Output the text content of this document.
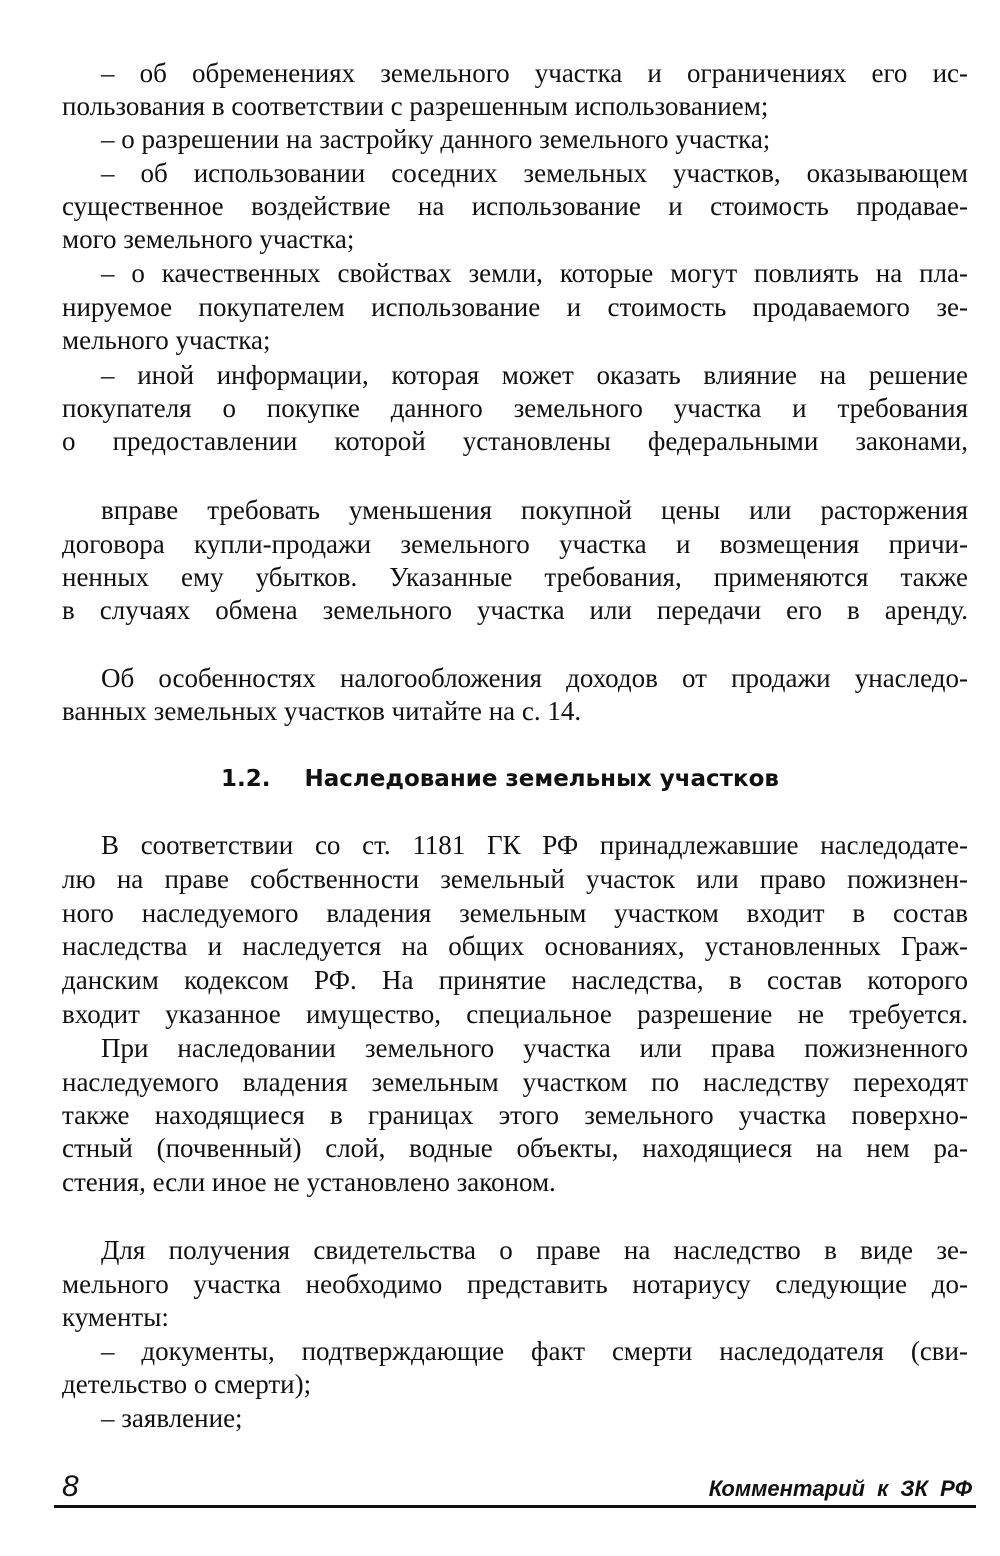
– об обременениях земельного участка и ограничениях его ис-
пользования в соответствии с разрешенным использованием;
– о разрешении на застройку данного земельного участка;
– об использовании соседних земельных участков, оказывающем
существенное воздействие на использование и стоимость продавае-
мого земельного участка;
– о качественных свойствах земли, которые могут повлиять на пла-
нируемое покупателем использование и стоимость продаваемого зе-
мельного участка;
– иной информации, которая может оказать влияние на решение
покупателя о покупке данного земельного участка и требования
о предоставлении которой установлены федеральными законами,
вправе требовать уменьшения покупной цены или расторжения
договора купли-продажи земельного участка и возмещения причи-
ненных ему убытков. Указанные требования, применяются также
в случаях обмена земельного участка или передачи его в аренду.
Об особенностях налогообложения доходов от продажи унаследо-
ванных земельных участков читайте на с. 14.
В соответствии со ст. 1181 ГК РФ принадлежавшие наследодате-
лю на праве собственности земельный участок или право пожизнен-
ного наследуемого владения земельным участком входит в состав
наследства и наследуется на общих основаниях, установленных Граж-
данским кодексом РФ. На принятие наследства, в состав которого
входит указанное имущество, специальное разрешение не требуется.
При наследовании земельного участка или права пожизненного
наследуемого владения земельным участком по наследству переходят
также находящиеся в границах этого земельного участка поверхно-
стный (почвенный) слой, водные объекты, находящиеся на нем ра-
стения, если иное не установлено законом.
Для получения свидетельства о праве на наследство в виде зе-
мельного участка необходимо представить нотариусу следующие до-
кументы:
– документы, подтверждающие факт смерти наследодателя (сви-
детельство о смерти);
– заявление;
1.2. Наследование земельных участков
8	Комментарий к ЗК РФ
